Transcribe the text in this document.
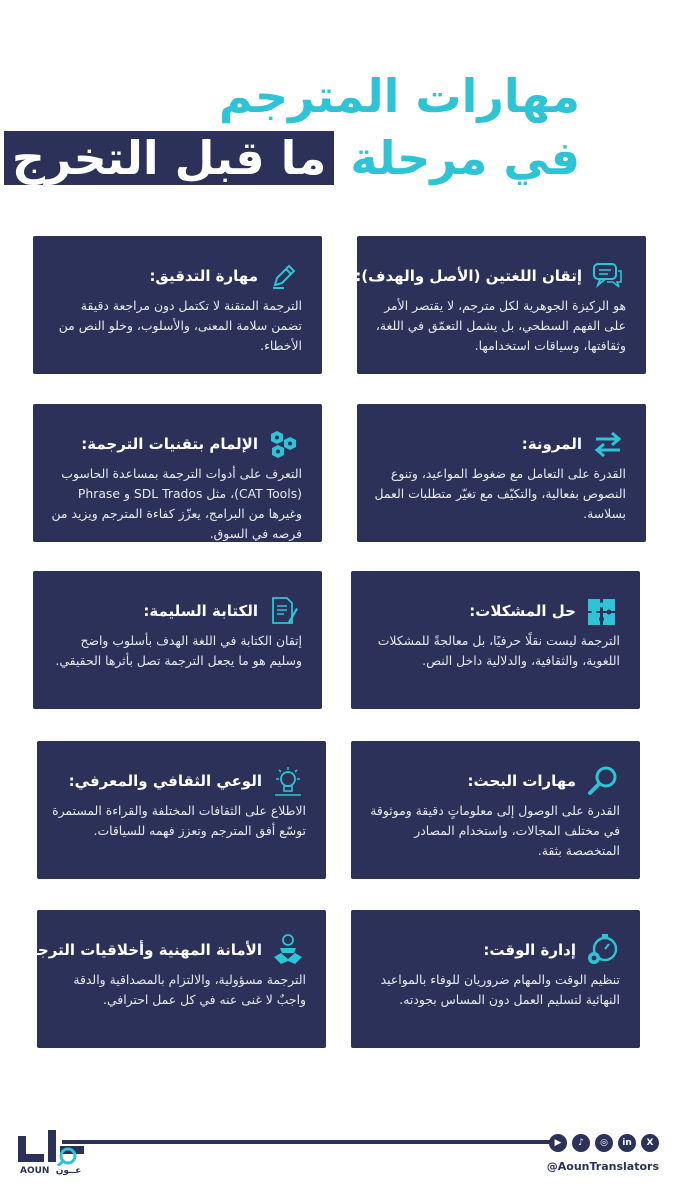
مهارات المترجم
في مرحلة ما قبل التخرج
إتقان اللغتين (الأصل والهدف):
هو الركيزة الجوهرية لكل مترجم، لا يقتصر الأمر على الفهم السطحي، بل يشمل التعمّق في اللغة، وثقافتها، وسياقات استخدامها.
مهارة التدقيق:
الترجمة المتقنة لا تكتمل دون مراجعة دقيقة تضمن سلامة المعنى، والأسلوب، وخلو النص من الأخطاء.
المرونة:
القدرة على التعامل مع ضغوط المواعيد، وتنوع النصوص بفعالية، والتكيّف مع تغيّر متطلبات العمل بسلاسة.
الإلمام بتقنيات الترجمة:
التعرف على أدوات الترجمة بمساعدة الحاسوب (CAT Tools)، مثل SDL Trados و Phrase وغيرها من البرامج، يعزّز كفاءة المترجم ويزيد من فرصه في السوق.
حل المشكلات:
الترجمة ليست نقلًا حرفيًا، بل معالجةً للمشكلات اللغوية، والثقافية، والدلالية داخل النص.
الكتابة السليمة:
إتقان الكتابة في اللغة الهدف بأسلوب واضح وسليم هو ما يجعل الترجمة تصل بأثرها الحقيقي.
مهارات البحث:
القدرة على الوصول إلى معلوماتٍ دقيقة وموثوقة في مختلف المجالات، واستخدام المصادر المتخصصة بثقة.
الوعي الثقافي والمعرفي:
الاطلاع على الثقافات المختلفة والقراءة المستمرة توسّع أفق المترجم وتعزز فهمه للسياقات.
إدارة الوقت:
تنظيم الوقت والمهام ضروريان للوفاء بالمواعيد النهائية لتسليم العمل دون المساس بجودته.
الأمانة المهنية وأخلاقيات الترجمة:
الترجمة مسؤولية، والالتزام بالمصداقية والدقة واجبٌ لا غنى عنه في كل عمل احترافي.
AOUN عــون
X
in
◎
♪
▶
@AounTranslators
